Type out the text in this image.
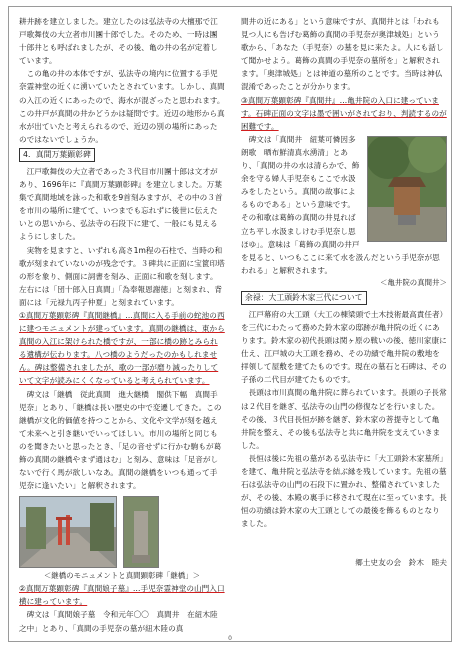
耕井跡を建立しました。建立したのは弘法寺の大檀那で江戸歌舞伎の大立者市川團十郎でした。そのため、一時は團十郎井とも呼ばれましたが、その後、亀の井の名が定着しています。

この亀の井の本体ですが、弘法寺の境内に位置する手児奈霊神堂の近くに湧いていたとされています。しかし、真間の入江の近くにあったので、海水が混ざったと思われます。この井戸が真間の井かどうかは疑問です。近辺の地形から真水が出ていたと考えられるので、近辺の別の場所にあったのではないでしょうか。

4．真間万葉顕彰碑

江戸歌舞伎の大立者であった３代目市川團十郎は文才があり、1696年に『真間万葉顕彰碑』を建立しました。万葉集で真間地域を詠った和歌を9首刻みますが、その中の３首を市川の場所に建てて、いつまでも忘れずに後世に伝えたいとの思いから、弘法寺の石段下に建て、一般にも見えるようにしました。

実物を見ますと、いずれも高さ1m程の石柱で、当時の和歌が刻まれていないのが残念です。３碑共に正面に宝篋印塔の形を象り、側面に詞書を刻み、正面に和歌を刻します。左右には「団十郎入日真間」「為奉報恩謝徳」と刻まれ、背面には「元禄九丙子仲夏」と刻まれています。

①真間万葉顕彰碑『真間継橋』…真間に入る手前の蛇池の西に建つモニュメントが建っています。真間の継橋は、東から真間の入江に架けられた橋ですが、一部に橋の跡とみられる遺構が伝わります。八つ橋のようだったのかもしれません。碑は整備されましたが、歌の一部が磨り減ったりしていて文字が読みにくくなっていると考えられています。

碑文は「継橋　従此真間　進大継橋　閣供下幅　真間手児奈」とあり、「継橋は長い歴史の中で変遷してきた。この継橋が文化的価値を持つことから、文化や文学が刻を越えて未来へと引き継いでいってほしい。市川の場所と同じものを聞きたいと思ったとき、「足の音せずに行かむ駒もが葛飾の真間の継橋やまず通はむ」と刻み、意味は「足音がしないで行く馬が欲しいなあ。真間の継橋をいつも通って手児奈に逢いたい」と解釈されます。

＜継橋のモニュメントと真間顕彰碑「継橋」＞

②真間万葉顕彰碑『真間娘子墓』…手児奈霊神堂の山門入口横に建っています。

碑文は「真間娘子墓　令和元年〇〇　真間井　在紐木陸之中」とあり、「真間の手児奈の墓が紐木陸の真

間井の近にある」という意味ですが、真間井とは「われも見つ人にも告げむ葛飾の真間の手児奈が奥津城処」という歌から、「あなた（手児奈）の墓を見に来たよ。人にも話して聞かせよう。葛飾の真間の手児奈の墓所を」と解釈されます。「奥津城処」とは神道の墓所のことです。当時は神仏混淆であったことが分かります。

③真間万葉顕彰碑『真間井』…亀井院の入口に建っています。石碑正面の文字は墨で囲いがされており、判読するのが困難です。

碑文は「真間井　紐葉可憐因多朗歌　晒布鮮清真水湧清」とあり、「真間の井の水は清らかで、飾余を守る婦人手児奈もここで水汲みをしたという。真間の故事によるものである」という意味です。その和歌は葛飾の真間の井見れば立ち平し水汲ましけむ手児奈し思ほゆ」。意味は「葛飾の真間の井戸を見ると、いつもここに来て水を汲んだという手児奈が思われる」と解釈されます。

＜亀井院の真間井＞
余禄：大工頭鈴木家三代について

江戸幕府の大工頭（大工の棟梁頭で土木技術最高責任者）を三代にわたって務めた鈴木家の邸跡が亀井院の近くにあります。鈴木家の初代長頭は関ヶ原の戦いの後、徳川家康に仕え、江戸城の大工頭を務め、その功績で亀井院の敷地を拝領して屋敷を建てたものです。現在の墓石と石碑は、その子孫の二代目が建てたものです。

長頭は市川真間の亀井院に葬られています。長頭の子長常は２代目を継ぎ、弘法寺の山門の修復などを行いました。その後、３代目長恒が跡を継ぎ、鈴木家の菩提寺として亀井院を整え、その後も弘法寺と共に亀井院を支えていきました。

長恒は後に先祖の墓がある弘法寺に「大工頭鈴木家墓所」を建て、亀井院と弘法寺を結ぶ縁を残しています。先祖の墓石は弘法寺の山門の石段下に置かれ、整備されていましたが、その後、本殿の裏手に移されて現在に至っています。長恒の功績は鈴木家の大工頭としての最後を飾るものとなりました。

郷土史友の会　鈴木　睦夫
0
